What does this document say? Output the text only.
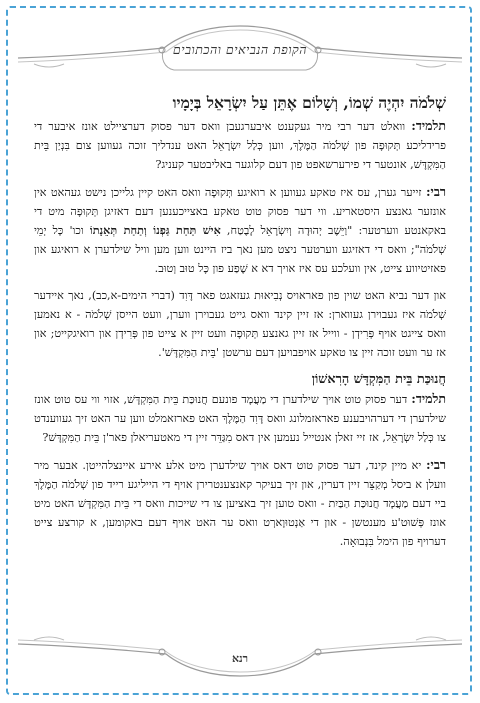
הקופת הנביאים והכתובים
שְׁלֹמֹה יִהְיֶה שְׁמוֹ, וְשָׁלוֹם אֶתֵּן עַל יִשְׂרָאֵל בְּיָמָיו

תלמיד: וואלט דער רבי מיר געקענט איבערגעבן וואס דער פסוק דערציילט אונז איבער די פרידליכע תְּקוּפָה פון שְׁלֹמֹה הַמֶּלֶךְ, ווען כְּלַל יִשְׂרָאֵל האט ענדליך זוכה געווען צום בִּנְיַן בֵּית הַמִּקְדָּשׁ, אונטער די פירערשאפט פון דעם קלוגער באליבטער קעניג?

רבי: זייער גערן, עס איז טאקע געווען א רואיגע תְּקוּפָה וואס האט קיין גלייכן נישט געהאט אין אונזער גאנצע היסטאריע. ווי דער פסוק טוט טאקע באצייכענען דעם דאזיגן תְּקוּפָה מיט די באקאנטע ווערטער: "וַיֵּשֶׁב יְהוּדָה וְיִשְׂרָאֵל לָבֶטַח, אִישׁ תַּחַת גַּפְנוֹ וְתַחַת תְּאֵנָתוֹ וכו' כָּל יְמֵי שְׁלֹמֹה"; וואס די דאזיגע ווערטער ניצט מען נאך ביז היינט ווען מען וויל שילדערן א רואיגע און פאזיטיווע צייט, אין וועלכע עס איז אויך דא א שֶׁפַע פון כָּל טוּב וְטוּב.

און דער נביא האט שוין פון פאראויס נְבִיאוּת געזאגט פאר דָּוִד (דברי הימים-א,כב), נאך איידער שְׁלֹמֹה איז געבוירן געווארן: אז זיין קינד וואס גייט געבוירן ווערן, וועט הייסן שְׁלֹמֹה - א נאמען וואס צייגט אויף פְּרִידְן - ווייל אז זיין גאנצע תְּקוּפָה וועט זיין א צייט פון פְּרִידְן און רואיגקייט; און אז ער וועט זוכה זיין צו טאקע אויפבויען דעם ערשטן 'בֵּית הַמִּקְדָּשׁ'.

חֲנוּכַּת בֵּית הַמִּקְדָּשׁ הָרִאשׁוֹן

תלמיד: דער פסוק טוט אויך שילדערן די מַעֲמָד פונעם חֲנוּכַּת בֵּית הַמִּקְדָּשׁ, אזוי ווי עס טוט אונז שילדערן די דערהויבענע פאראזמלונג וואס דָּוִד הַמֶּלֶךְ האט פארזאמלט ווען ער האט זיך געווענדט צו כְּלַל יִשְׂרָאֵל, אז זיי זאלן אנטייל נעמען אין דאס מִגַּדֵּר זיין די מאטעריאלן פאר'ן בֵּית הַמִּקְדָּשׁ?

רבי: יא מיין קינד, דער פסוק טוט דאס אויך שילדערן מיט אלע אירע איינצלהייטן. אבער מיר וועלן א ביסל מְקַצֵּר זיין דערין, און זיך בעיקר קאנצענטרירן אויף די הייליגע רייד פון שְׁלֹמֹה הַמֶּלֶךְ ביי דעם מַעֲמָד חֲנוּכַּת הַבַּיִת - וואס טוען זיך באציען צו די שייכות וואס די בֵּית הַמִּקְדָּשׁ האט מיט אונז פְּשׁוּט'ע מענטשן - און די אַנְטוּוָארְט וואס ער האט אויף דעם באקומען, א קורצע צייט דערויף פון הימל בִּנְבוּאָה.

רנא
